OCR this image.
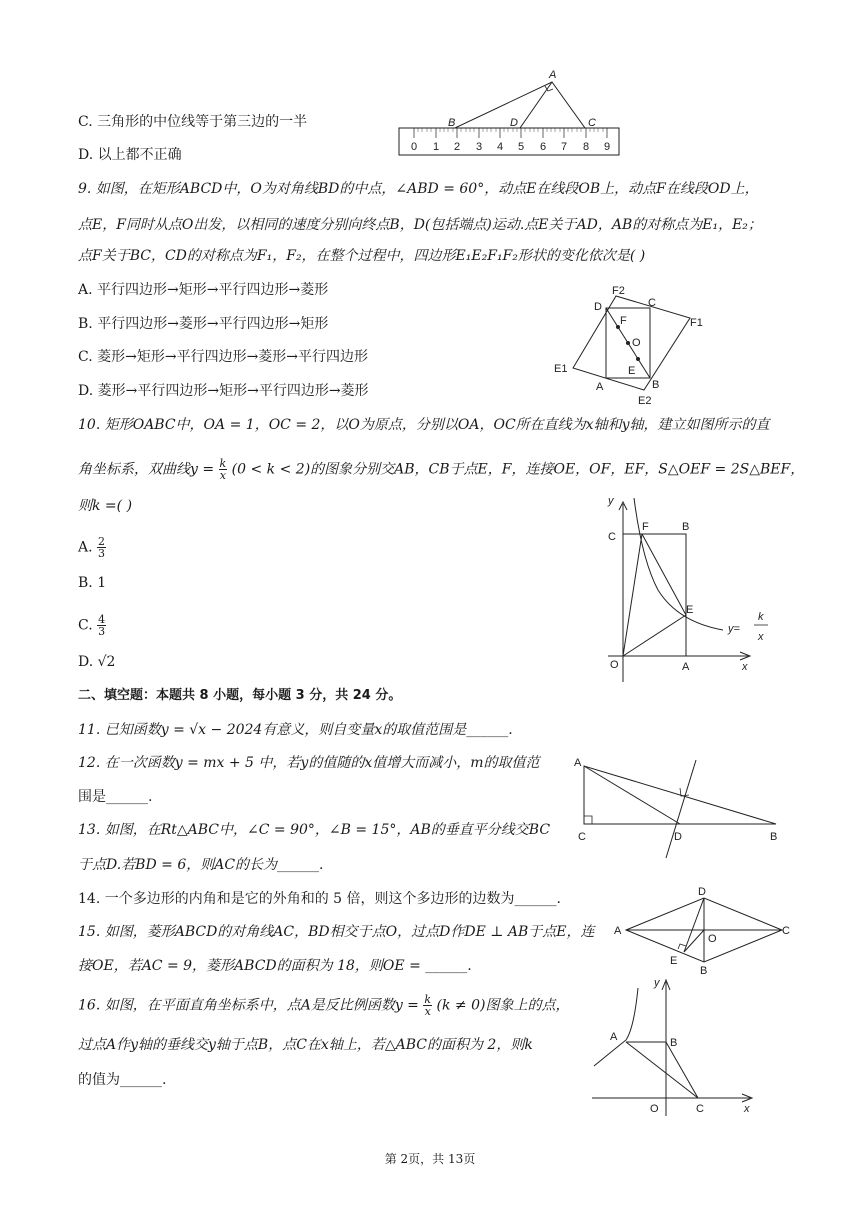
C. 三角形的中位线等于第三边的一半
D. 以上都不正确	0 1 2 3 4 5 6 7 8 9
A
B	D	C
9. 如图，在矩形ABCD中，O为对角线BD的中点，∠ABD = 60°，动点E在线段OB上，动点F在线段OD上，
点E，F同时从点O出发，以相同的速度分别向终点B，D(包括端点)运动.点E关于AD，AB的对称点为E₁，E₂；
点F关于BC，CD的对称点为F₁，F₂，在整个过程中，四边形E₁E₂F₁F₂形状的变化依次是( )
A. 平行四边形→矩形→平行四边形→菱形
B. 平行四边形→菱形→平行四边形→矩形
C. 菱形→矩形→平行四边形→菱形→平行四边形
D. 菱形→平行四边形→矩形→平行四边形→菱形
F2
D	C
F
O
F1
E1	E
A	B
E2
10. 矩形OABC中，OA = 1，OC = 2，以O为原点，分别以OA，OC所在直线为x轴和y轴，建立如图所示的直
角坐标系，双曲线$y = \frac{k}{x} (0 < k < 2)$的图象分别交AB，CB于点E，F，连接OE，OF，EF，S△OEF = 2S△BEF，
则k =( )
A. $\frac{2}{3}$
B. 1
C. $\frac{4}{3}$
D. √2
y
C
F	B
E
y=
k
x
O	A	x
二、填空题：本题共 8 小题，每小题 3 分，共 24 分。
11. 已知函数y = √x − 2024有意义，则自变量x的取值范围是______.
12. 在一次函数y = mx + 5 中，若y的值随的x值增大而减小，m的取值范
围是______.
13. 如图，在Rt△ABC中，∠C = 90°，∠B = 15°，AB的垂直平分线交BC
于点D.若BD = 6，则AC的长为______.
A
C	D	B
14. 一个多边形的内角和是它的外角和的 5 倍，则这个多边形的边数为______.
15. 如图，菱形ABCD的对角线AC，BD相交于点O，过点D作DE ⊥ AB于点E，连
接OE，若AC = 9，菱形ABCD的面积为 18，则OE = ______.
D
A
O
C
E
B
16. 如图，在平面直角坐标系中，点A是反比例函数$y = \frac{k}{x} (k \ne 0)$图象上的点，
过点A作y轴的垂线交y轴于点B，点C在x轴上，若△ABC的面积为 2，则k
的值为______.
y
A	B
O	C	x
第 2页，共 13页
